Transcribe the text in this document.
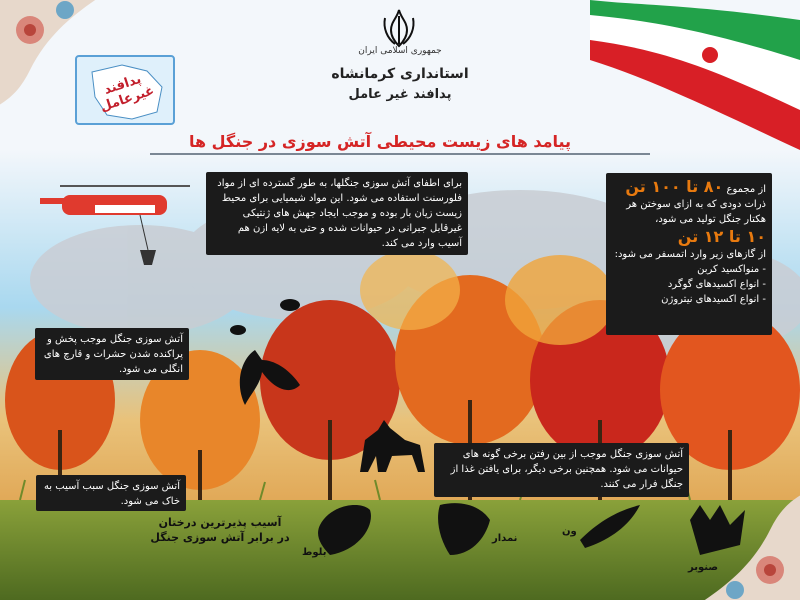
جمهوری اسلامی ایران
استانداری کرمانشاه
پدافند غیر عامل
پدافند غیرعامل
پیامد های زیست محیطی آتش سوزی در جنگل ها
برای اطفای آتش سوزی جنگلها، به طور گسترده ای از مواد فلورسنت استفاده می شود. این مواد شیمیایی برای محیط زیست زیان بار بوده و موجب ایجاد جهش های ژنتیکی غیرقابل جبرانی در حیوانات شده و حتی به لایه ازن هم آسیب وارد می کند.
از مجموع ۸۰ تا ۱۰۰ تن
ذرات دودی که به ازای سوختن هر هکتار جنگل تولید می شود،
۱۰ تا ۱۲ تن
از گازهای زیر وارد اتمسفر می شود:
- منواکسید کربن
- انواع اکسیدهای گوگرد
- انواع اکسیدهای نیتروژن
آتش سوزی جنگل موجب پخش و پراکنده شدن حشرات و قارچ های انگلی می شود.
آتش سوزی جنگل موجب از بین رفتن برخی گونه های حیوانات می شود. همچنین برخی دیگر، برای یافتن غذا از جنگل فرار می کنند.
آتش سوزی جنگل سبب آسیب به خاک می شود.
آسیب پذیرترین درختان
در برابر آتش سوزی جنگل
بلوط
نمدار
ون
صنوبر
